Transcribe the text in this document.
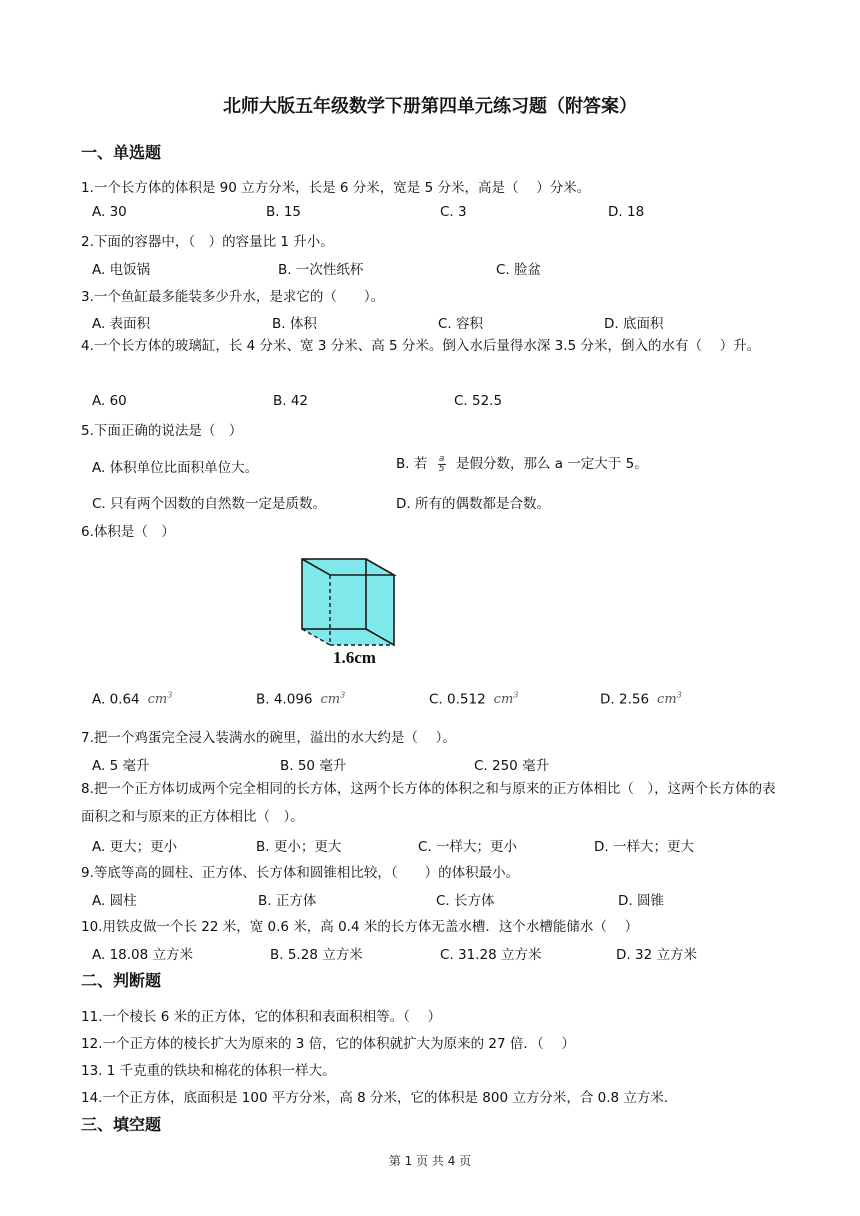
北师大版五年级数学下册第四单元练习题（附答案）
一、单选题
1.一个长方体的体积是 90 立方分米，长是 6 分米，宽是 5 分米，高是（　 ）分米。
A. 30	B. 15	C. 3	D. 18
2.下面的容器中，（　）的容量比 1 升小。
A. 电饭锅	B. 一次性纸杯	C. 脸盆
3.一个鱼缸最多能装多少升水，是求它的（　　）。
A. 表面积	B. 体积	C. 容积	D. 底面积
4.一个长方体的玻璃缸，长 4 分米、宽 3 分米、高 5 分米。倒入水后量得水深 3.5 分米，倒入的水有（　 ）升。
A. 60	B. 42	C. 52.5
5.下面正确的说法是（　）
A. 体积单位比面积单位大。	B. 若 $\frac{a}{5}$ 是假分数，那么 a 一定大于 5。
C. 只有两个因数的自然数一定是质数。	D. 所有的偶数都是合数。
6.体积是（　）
1.6cm
A. 0.64 $cm^3$	B. 4.096 $cm^3$	C. 0.512 $cm^3$	D. 2.56 $cm^3$
7.把一个鸡蛋完全浸入装满水的碗里，溢出的水大约是（　 ）。
A. 5 毫升	B. 50 毫升	C. 250 毫升
8.把一个正方体切成两个完全相同的长方体，这两个长方体的体积之和与原来的正方体相比（　），这两个长方体的表面积之和与原来的正方体相比（　）。
A. 更大；更小	B. 更小；更大	C. 一样大；更小	D. 一样大；更大
9.等底等高的圆柱、正方体、长方体和圆锥相比较，（　　）的体积最小。
A. 圆柱	B. 正方体	C. 长方体	D. 圆锥
10.用铁皮做一个长 22 米，宽 0.6 米，高 0.4 米的长方体无盖水槽．这个水槽能储水（　 ）
A. 18.08 立方米	B. 5.28 立方米	C. 31.28 立方米	D. 32 立方米
二、判断题
11.一个棱长 6 米的正方体，它的体积和表面积相等。（　 ）
12.一个正方体的棱长扩大为原来的 3 倍，它的体积就扩大为原来的 27 倍．（　 ）
13. 1 千克重的铁块和棉花的体积一样大。
14.一个正方体，底面积是 100 平方分米，高 8 分米，它的体积是 800 立方分米，合 0.8 立方米．
三、填空题
第 1 页 共 4 页
